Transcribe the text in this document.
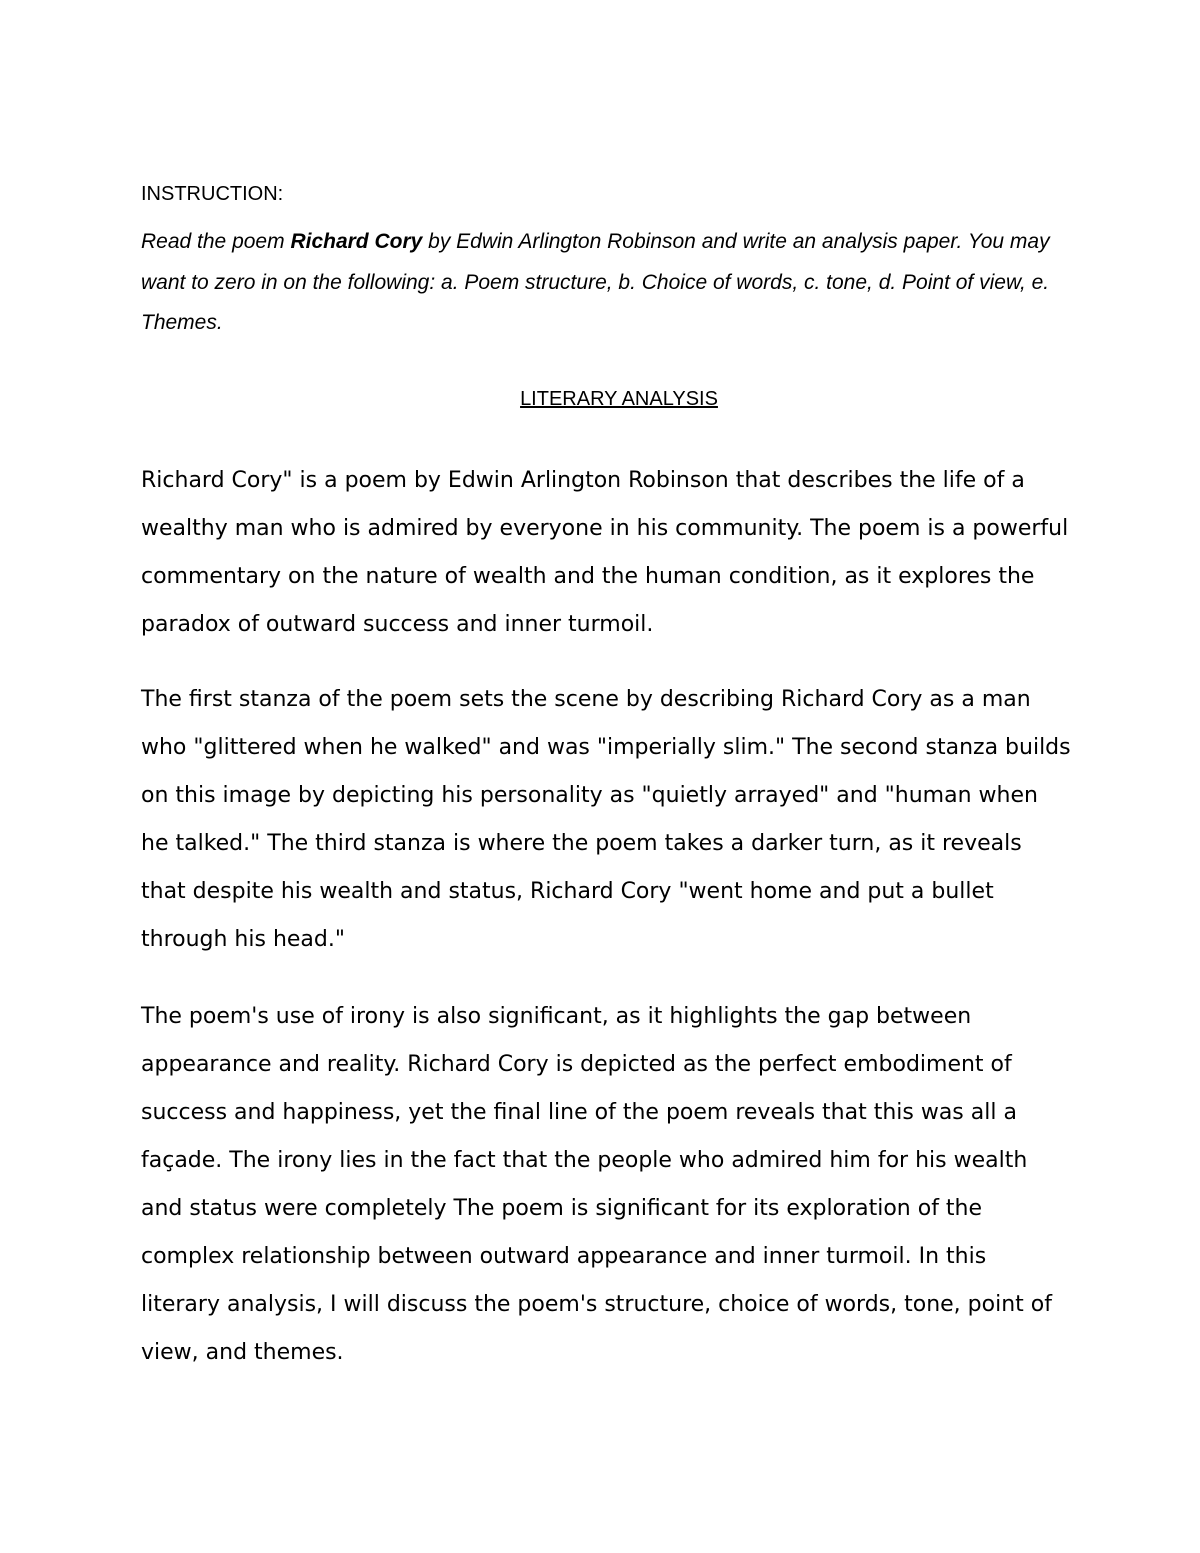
INSTRUCTION:

Read the poem Richard Cory by Edwin Arlington Robinson and write an analysis paper. You may want to zero in on the following: a. Poem structure, b. Choice of words, c. tone, d. Point of view, e. Themes.

LITERARY ANALYSIS

Richard Cory" is a poem by Edwin Arlington Robinson that describes the life of a wealthy man who is admired by everyone in his community. The poem is a powerful commentary on the nature of wealth and the human condition, as it explores the paradox of outward success and inner turmoil.

The first stanza of the poem sets the scene by describing Richard Cory as a man who "glittered when he walked" and was "imperially slim." The second stanza builds on this image by depicting his personality as "quietly arrayed" and "human when he talked." The third stanza is where the poem takes a darker turn, as it reveals that despite his wealth and status, Richard Cory "went home and put a bullet through his head."

The poem's use of irony is also significant, as it highlights the gap between appearance and reality. Richard Cory is depicted as the perfect embodiment of success and happiness, yet the final line of the poem reveals that this was all a façade. The irony lies in the fact that the people who admired him for his wealth and status were completely The poem is significant for its exploration of the complex relationship between outward appearance and inner turmoil. In this literary analysis, I will discuss the poem's structure, choice of words, tone, point of view, and themes.
